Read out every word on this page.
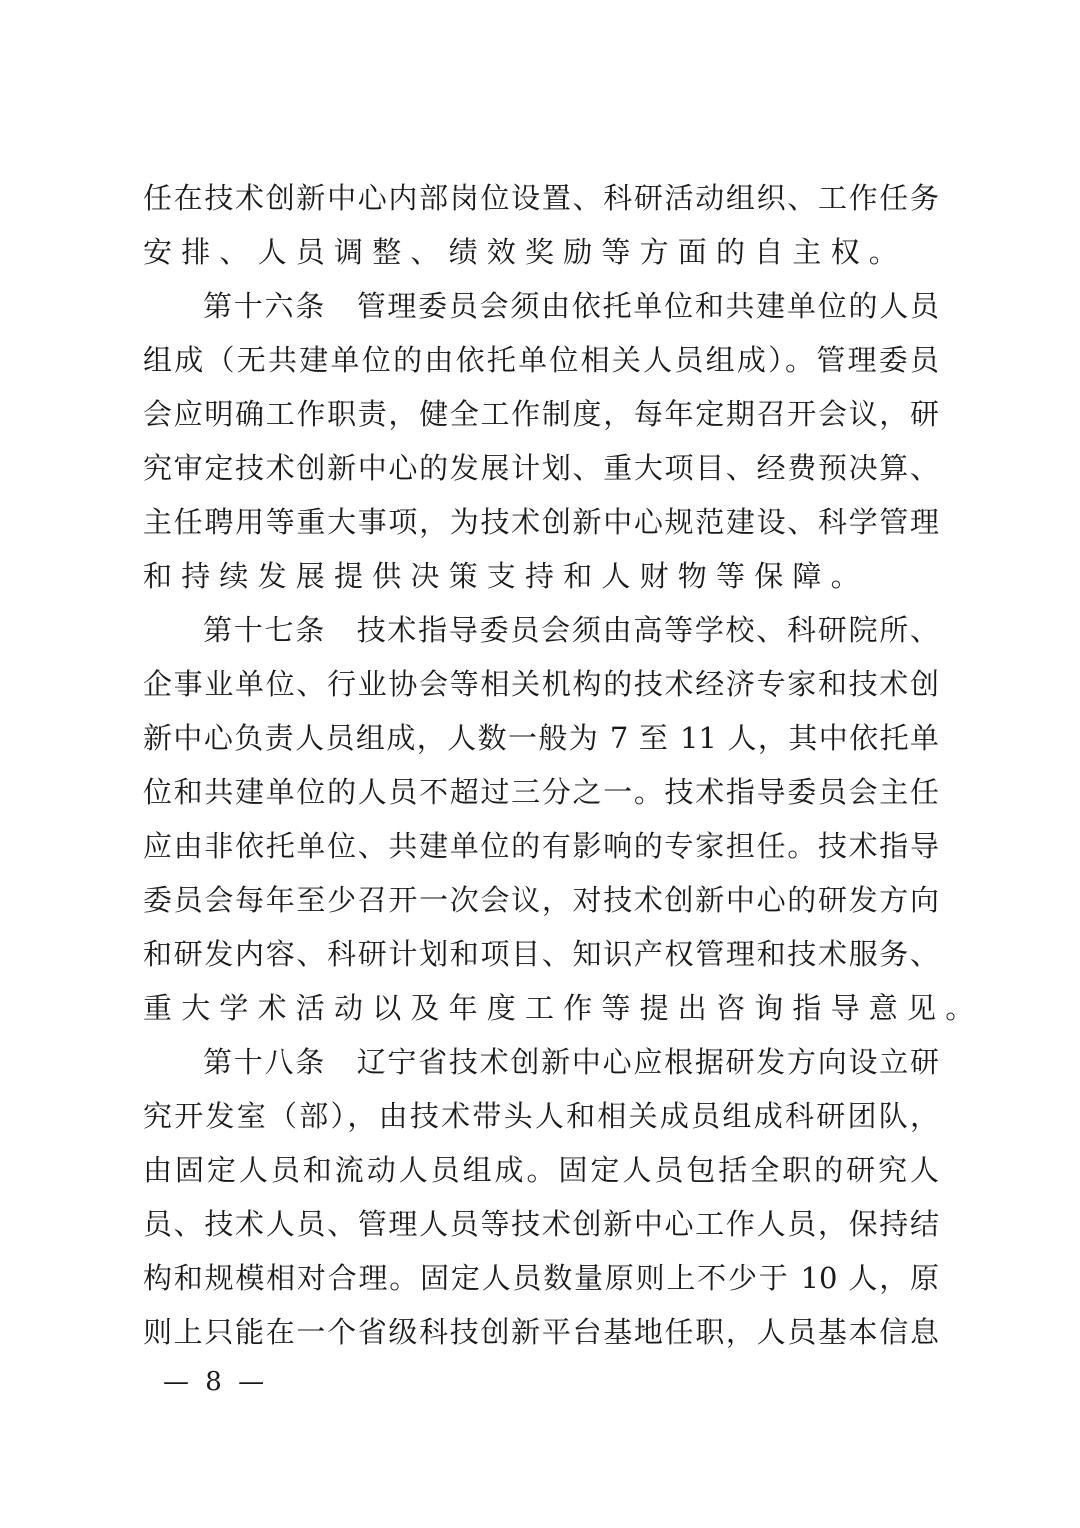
任在技术创新中心内部岗位设置、科研活动组织、工作任务
安排、人员调整、绩效奖励等方面的自主权。
第十六条　管理委员会须由依托单位和共建单位的人员
组成（无共建单位的由依托单位相关人员组成）。管理委员
会应明确工作职责，健全工作制度，每年定期召开会议，研
究审定技术创新中心的发展计划、重大项目、经费预决算、
主任聘用等重大事项，为技术创新中心规范建设、科学管理
和持续发展提供决策支持和人财物等保障。
第十七条　技术指导委员会须由高等学校、科研院所、
企事业单位、行业协会等相关机构的技术经济专家和技术创
新中心负责人员组成，人数一般为 7 至 11 人，其中依托单
位和共建单位的人员不超过三分之一。技术指导委员会主任
应由非依托单位、共建单位的有影响的专家担任。技术指导
委员会每年至少召开一次会议，对技术创新中心的研发方向
和研发内容、科研计划和项目、知识产权管理和技术服务、
重大学术活动以及年度工作等提出咨询指导意见。
第十八条　辽宁省技术创新中心应根据研发方向设立研
究开发室（部），由技术带头人和相关成员组成科研团队，
由固定人员和流动人员组成。固定人员包括全职的研究人
员、技术人员、管理人员等技术创新中心工作人员，保持结
构和规模相对合理。固定人员数量原则上不少于 10 人，原
则上只能在一个省级科技创新平台基地任职，人员基本信息
— 8 —
